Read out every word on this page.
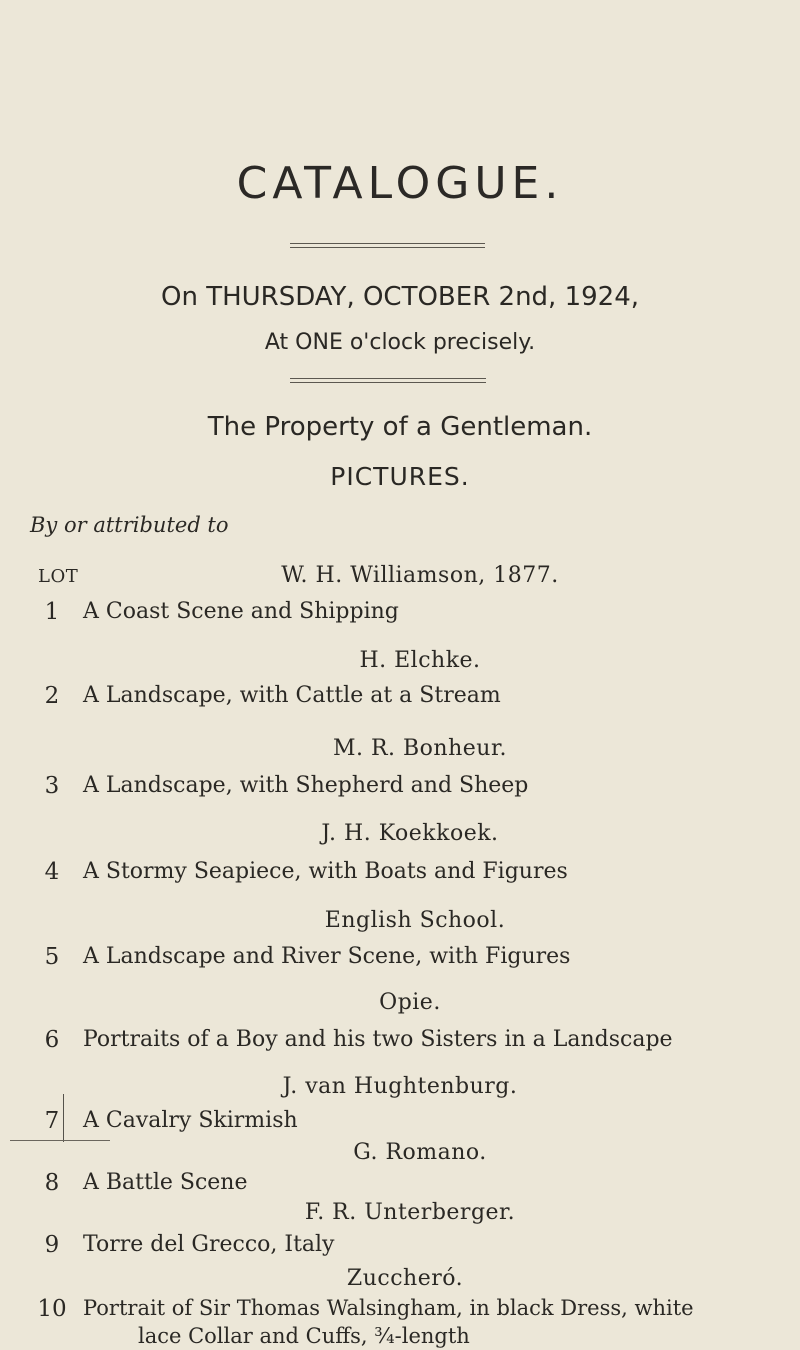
CATALOGUE.
On THURSDAY, OCTOBER 2nd, 1924,
At ONE o'clock precisely.
The Property of a Gentleman.
PICTURES.
By or attributed to
LOT	W. H. Williamson, 1877.
1	A Coast Scene and Shipping
H. Elchke.
2	A Landscape, with Cattle at a Stream
M. R. Bonheur.
3	A Landscape, with Shepherd and Sheep
J. H. Koekkoek.
4	A Stormy Seapiece, with Boats and Figures
English School.
5	A Landscape and River Scene, with Figures
Opie.
6	Portraits of a Boy and his two Sisters in a Landscape
J. van Hughtenburg.
7	A Cavalry Skirmish
G. Romano.
8	A Battle Scene
F. R. Unterberger.
9	Torre del Grecco, Italy
Zuccheró.
10 Portrait of Sir Thomas Walsingham, in black Dress, white
lace Collar and Cuffs, ¾-length
